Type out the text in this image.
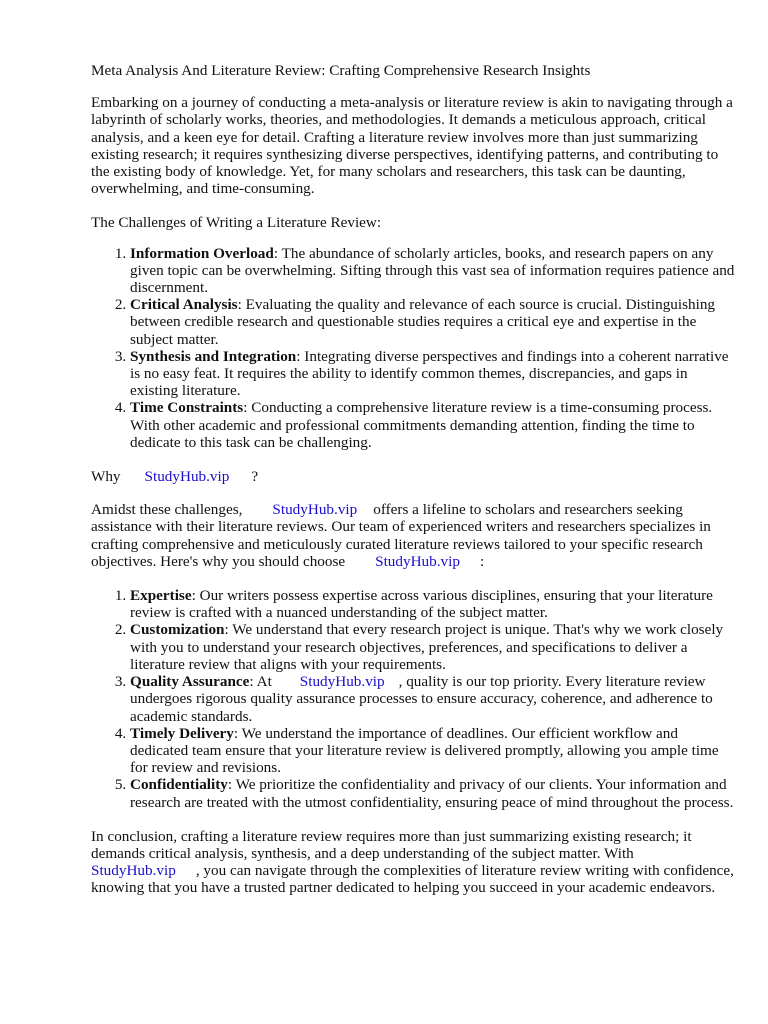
Meta Analysis And Literature Review: Crafting Comprehensive Research Insights

Embarking on a journey of conducting a meta-analysis or literature review is akin to navigating through a labyrinth of scholarly works, theories, and methodologies. It demands a meticulous approach, critical analysis, and a keen eye for detail. Crafting a literature review involves more than just summarizing existing research; it requires synthesizing diverse perspectives, identifying patterns, and contributing to the existing body of knowledge. Yet, for many scholars and researchers, this task can be daunting, overwhelming, and time-consuming.

The Challenges of Writing a Literature Review:

1. Information Overload: The abundance of scholarly articles, books, and research papers on any given topic can be overwhelming. Sifting through this vast sea of information requires patience and discernment.
2. Critical Analysis: Evaluating the quality and relevance of each source is crucial. Distinguishing between credible research and questionable studies requires a critical eye and expertise in the subject matter.
3. Synthesis and Integration: Integrating diverse perspectives and findings into a coherent narrative is no easy feat. It requires the ability to identify common themes, discrepancies, and gaps in existing literature.
4. Time Constraints: Conducting a comprehensive literature review is a time-consuming process. With other academic and professional commitments demanding attention, finding the time to dedicate to this task can be challenging.

Why StudyHub.vip ?

Amidst these challenges, StudyHub.vip offers a lifeline to scholars and researchers seeking assistance with their literature reviews. Our team of experienced writers and researchers specializes in crafting comprehensive and meticulously curated literature reviews tailored to your specific research objectives. Here's why you should choose StudyHub.vip :

1. Expertise: Our writers possess expertise across various disciplines, ensuring that your literature review is crafted with a nuanced understanding of the subject matter.
2. Customization: We understand that every research project is unique. That's why we work closely with you to understand your research objectives, preferences, and specifications to deliver a literature review that aligns with your requirements.
3. Quality Assurance: At StudyHub.vip , quality is our top priority. Every literature review undergoes rigorous quality assurance processes to ensure accuracy, coherence, and adherence to academic standards.
4. Timely Delivery: We understand the importance of deadlines. Our efficient workflow and dedicated team ensure that your literature review is delivered promptly, allowing you ample time for review and revisions.
5. Confidentiality: We prioritize the confidentiality and privacy of our clients. Your information and research are treated with the utmost confidentiality, ensuring peace of mind throughout the process.

In conclusion, crafting a literature review requires more than just summarizing existing research; it demands critical analysis, synthesis, and a deep understanding of the subject matter. With StudyHub.vip , you can navigate through the complexities of literature review writing with confidence, knowing that you have a trusted partner dedicated to helping you succeed in your academic endeavors.
